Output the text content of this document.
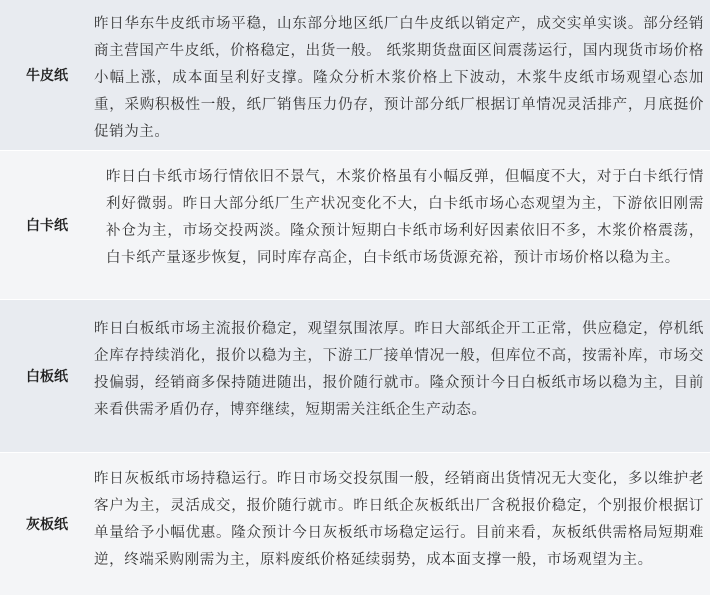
牛皮纸
昨日华东牛皮纸市场平稳，山东部分地区纸厂白牛皮纸以销定产，成交实单实谈。部分经销商主营国产牛皮纸，价格稳定，出货一般。 纸浆期货盘面区间震荡运行，国内现货市场价格小幅上涨，成本面呈利好支撑。隆众分析木浆价格上下波动，木浆牛皮纸市场观望心态加重，采购积极性一般，纸厂销售压力仍存，预计部分纸厂根据订单情况灵活排产，月底挺价促销为主。
白卡纸
昨日白卡纸市场行情依旧不景气，木浆价格虽有小幅反弹，但幅度不大，对于白卡纸行情利好微弱。昨日大部分纸厂生产状况变化不大，白卡纸市场心态观望为主，下游依旧刚需补仓为主，市场交投两淡。隆众预计短期白卡纸市场利好因素依旧不多，木浆价格震荡，白卡纸产量逐步恢复，同时库存高企，白卡纸市场货源充裕，预计市场价格以稳为主。
白板纸
昨日白板纸市场主流报价稳定，观望氛围浓厚。昨日大部纸企开工正常，供应稳定，停机纸企库存持续消化，报价以稳为主，下游工厂接单情况一般，但库位不高，按需补库，市场交投偏弱，经销商多保持随进随出，报价随行就市。隆众预计今日白板纸市场以稳为主，目前来看供需矛盾仍存，博弈继续，短期需关注纸企生产动态。
灰板纸
昨日灰板纸市场持稳运行。昨日市场交投氛围一般，经销商出货情况无大变化，多以维护老客户为主，灵活成交，报价随行就市。昨日纸企灰板纸出厂含税报价稳定，个别报价根据订单量给予小幅优惠。隆众预计今日灰板纸市场稳定运行。目前来看，灰板纸供需格局短期难逆，终端采购刚需为主，原料废纸价格延续弱势，成本面支撑一般，市场观望为主。
